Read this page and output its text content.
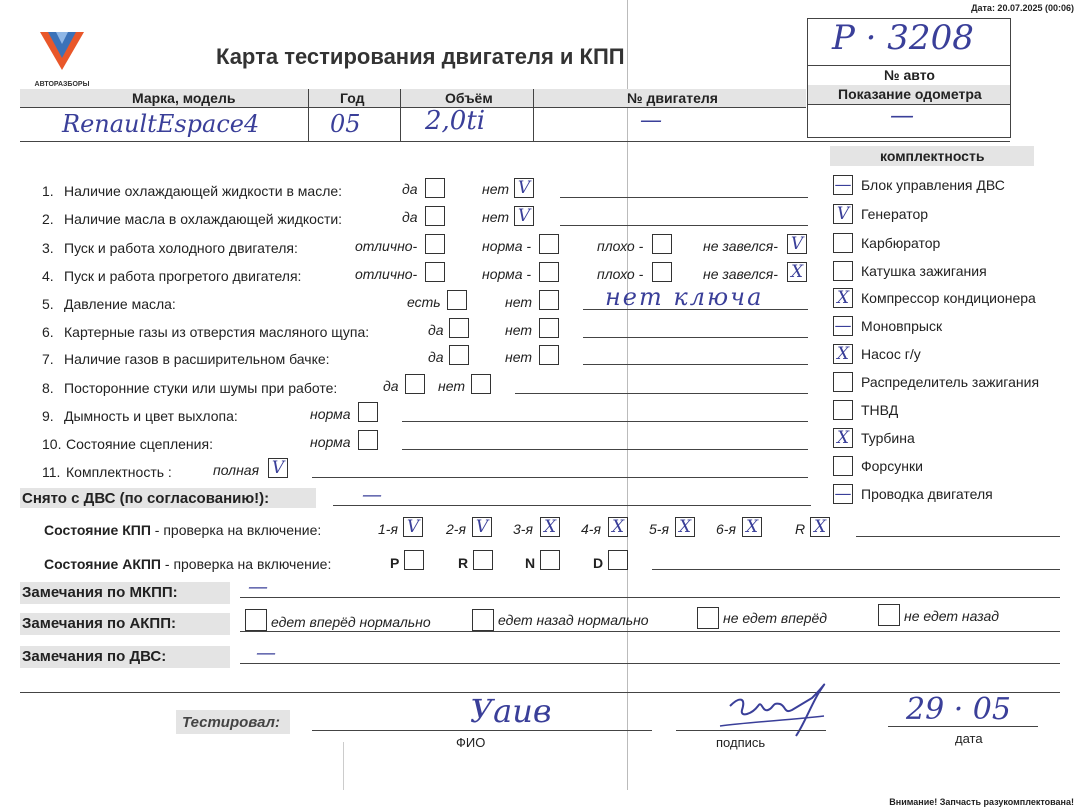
Дата: 20.07.2025 (00:06)
АВТОРАЗБОРЫ
Карта тестирования двигателя и КПП	P · 3208
№ авто
Показание одометра
Марка, модель	Год	Объём	№ двигателя
RenaultEspace4	05 2,0ti	—	—
комплектность
— Блок управления ДВС
V Генератор
Карбюратор
Катушка зажигания
X Компрессор кондиционера
— Моновпрыск
X Насос г/у
Распределитель зажигания
ТНВД
X Турбина
Форсунки
— Проводка двигателя
1. Наличие охлаждающей жидкости в масле:	да	нет V
2. Наличие масла в охлаждающей жидкости:	да	нет V
3. Пуск и работа холодного двигателя:	отлично-	норма -	плохо -	не завелся- V
4. Пуск и работа прогретого двигателя:	отлично-	норма -	плохо -	не завелся- X
5. Давление масла:	есть	нет	нет ключа
6. Картерные газы из отверстия масляного щупа:	да	нет
7. Наличие газов в расширительном бачке:	да	нет
8. Посторонние стуки или шумы при работе:	да	нет
9. Дымность и цвет выхлопа:	норма
10. Состояние сцепления:	норма
11. Комплектность :	полная V
Снято с ДВС (по согласованию!):	—
Состояние КПП - проверка на включение:	1-я V 2-я V 3-я X 4-я X 5-я X 6-я X	R X
Состояние АКПП - проверка на включение:	P	R	N	D
Замечания по МКПП:	—
Замечания по АКПП:	едет вперёд нормально	едет назад нормально	не едет вперёд	не едет назад
Замечания по ДВС:	—
Тестировал:	Уаив
ФИО	подпись
29 · 05
дата
Внимание! Запчасть разукомплектована!
